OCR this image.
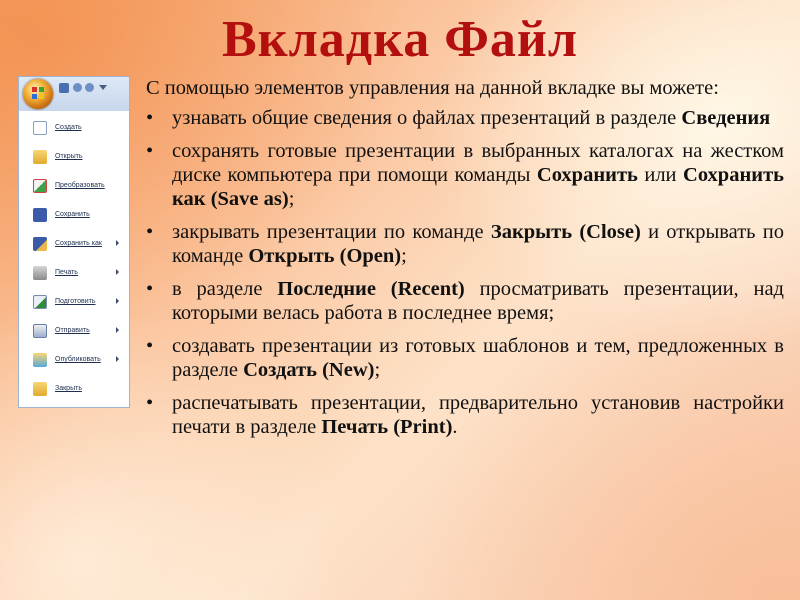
Вкладка Файл
Создать
Открыть
Преобразовать
Сохранить
Сохранить как
Печать
Подготовить
Отправить
Опубликовать
Закрыть

С помощью элементов управления на данной вкладке вы можете:

• узнавать общие сведения о файлах презентаций в разделе Сведения
• сохранять готовые презентации в выбранных каталогах на жестком диске компьютера при помощи команды Сохранить или Сохранить как (Save as);
• закрывать презентации по команде Закрыть (Close) и открывать по команде Открыть (Open);
• в разделе Последние (Recent) просматривать презентации, над которыми велась работа в последнее время;
• создавать презентации из готовых шаблонов и тем, предложенных в разделе Создать (New);
• распечатывать презентации, предварительно установив настройки печати в разделе Печать (Print).
